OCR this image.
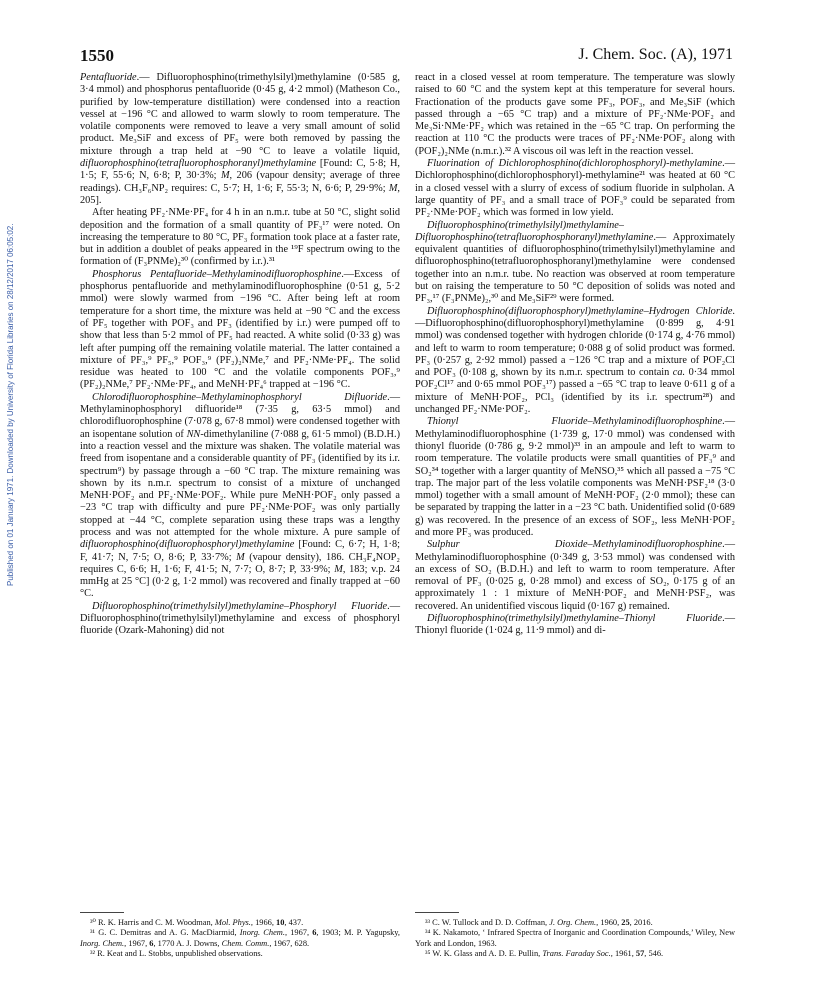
Published on 01 January 1971. Downloaded by University of Florida Libraries on 28/12/2017 06:05:02.
1550	J. Chem. Soc. (A), 1971

Pentafluoride.— Difluorophosphino(trimethylsilyl)methylamine (0·585 g, 3·4 mmol) and phosphorus pentafluoride (0·45 g, 4·2 mmol) (Matheson Co., purified by low-temperature distillation) were condensed into a reaction vessel at −196 °C and allowed to warm slowly to room temperature. The volatile components were removed to leave a very small amount of solid product. Me₃SiF and excess of PF₅ were both removed by passing the mixture through a trap held at −90 °C to leave a volatile liquid, difluorophosphino(tetrafluorophosphoranyl)methylamine [Found: C, 5·8; H, 1·5; F, 55·6; N, 6·8; P, 30·3%; M, 206 (vapour density; average of three readings). CH₃F₆NP₂ requires: C, 5·7; H, 1·6; F, 55·3; N, 6·6; P, 29·9%; M, 205].

After heating PF₂·NMe·PF₄ for 4 h in an n.m.r. tube at 50 °C, slight solid deposition and the formation of a small quantity of PF₃¹⁷ were noted. On increasing the temperature to 80 °C, PF₃ formation took place at a faster rate, but in addition a doublet of peaks appeared in the ¹⁹F spectrum owing to the formation of (F₃PNMe)₂³⁰ (confirmed by i.r.).³¹

Phosphorus Pentafluoride–Methylaminodifluorophosphine.—Excess of phosphorus pentafluoride and methylaminodifluorophosphine (0·51 g, 5·2 mmol) were slowly warmed from −196 °C. After being left at room temperature for a short time, the mixture was held at −90 °C and the excess of PF₅ together with POF₃ and PF₃ (identified by i.r.) were pumped off to show that less than 5·2 mmol of PF₅ had reacted. A white solid (0·33 g) was left after pumping off the remaining volatile material. The latter contained a mixture of PF₃,⁹ PF₅,⁹ POF₃,⁹ (PF₂)₂NMe,⁷ and PF₂·NMe·PF₄. The solid residue was heated to 100 °C and the volatile components POF₃,⁹ (PF₂)₂NMe,⁷ PF₂·NMe·PF₄, and MeNH·PF₄⁶ trapped at −196 °C.

Chlorodifluorophosphine–Methylaminophosphoryl Difluoride.—Methylaminophosphoryl difluoride¹⁸ (7·35 g, 63·5 mmol) and chlorodifluorophosphine (7·078 g, 67·8 mmol) were condensed together with an isopentane solution of NN-dimethylaniline (7·088 g, 61·5 mmol) (B.D.H.) into a reaction vessel and the mixture was shaken. The volatile material was freed from isopentane and a considerable quantity of PF₃ (identified by its i.r. spectrum⁹) by passage through a −60 °C trap. The mixture remaining was shown by its n.m.r. spectrum to consist of a mixture of unchanged MeNH·POF₂ and PF₂·NMe·POF₂. While pure MeNH·POF₂ only passed a −23 °C trap with difficulty and pure PF₂·NMe·POF₂ was only partially stopped at −44 °C, complete separation using these traps was a lengthy process and was not attempted for the whole mixture. A pure sample of difluorophosphino(difluorophosphoryl)methylamine [Found: C, 6·7; H, 1·8; F, 41·7; N, 7·5; O, 8·6; P, 33·7%; M (vapour density), 186. CH₃F₄NOP₂ requires C, 6·6; H, 1·6; F, 41·5; N, 7·7; O, 8·7; P, 33·9%; M, 183; v.p. 24 mmHg at 25 °C] (0·2 g, 1·2 mmol) was recovered and finally trapped at −60 °C.

Difluorophosphino(trimethylsilyl)methylamine–Phosphoryl Fluoride.— Difluorophosphino(trimethylsilyl)methylamine and excess of phosphoryl fluoride (Ozark-Mahoning) did not

react in a closed vessel at room temperature. The temperature was slowly raised to 60 °C and the system kept at this temperature for several hours. Fractionation of the products gave some PF₃, POF₃, and Me₃SiF (which passed through a −65 °C trap) and a mixture of PF₂·NMe·POF₂ and Me₃Si·NMe·PF₂ which was retained in the −65 °C trap. On performing the reaction at 110 °C the products were traces of PF₂·NMe·POF₂ along with (POF₂)₂NMe (n.m.r.).³² A viscous oil was left in the reaction vessel.

Fluorination of Dichlorophosphino(dichlorophosphoryl)-methylamine.— Dichlorophosphino(dichlorophosphoryl)-methylamine²¹ was heated at 60 °C in a closed vessel with a slurry of excess of sodium fluoride in sulpholan. A large quantity of PF₃ and a small trace of POF₃⁹ could be separated from PF₂·NMe·POF₂ which was formed in low yield.

Difluorophosphino(trimethylsilyl)methylamine–Difluorophosphino(tetrafluorophosphoranyl)methylamine.— Approximately equivalent quantities of difluorophosphino(trimethylsilyl)methylamine and difluorophosphino(tetrafluorophosphoranyl)methylamine were condensed together into an n.m.r. tube. No reaction was observed at room temperature but on raising the temperature to 50 °C deposition of solids was noted and PF₃,¹⁷ (F₃PNMe)₂,³⁰ and Me₃SiF²⁹ were formed.

Difluorophosphino(difluorophosphoryl)methylamine–Hydrogen Chloride.—Difluorophosphino(difluorophosphoryl)methylamine (0·899 g, 4·91 mmol) was condensed together with hydrogen chloride (0·174 g, 4·76 mmol) and left to warm to room temperature; 0·088 g of solid product was formed. PF₃ (0·257 g, 2·92 mmol) passed a −126 °C trap and a mixture of POF₂Cl and POF₃ (0·108 g, shown by its n.m.r. spectrum to contain ca. 0·34 mmol POF₂Cl¹⁷ and 0·65 mmol POF₃¹⁷) passed a −65 °C trap to leave 0·611 g of a mixture of MeNH·POF₂, PCl₃ (identified by its i.r. spectrum²⁸) and unchanged PF₂·NMe·POF₂.

Thionyl Fluoride–Methylaminodifluorophosphine.—Methylaminodifluorophosphine (1·739 g, 17·0 mmol) was condensed with thionyl fluoride (0·786 g, 9·2 mmol)³³ in an ampoule and left to warm to room temperature. The volatile products were small quantities of PF₃⁹ and SO₂³⁴ together with a larger quantity of MeNSO,³⁵ which all passed a −75 °C trap. The major part of the less volatile components was MeNH·PSF₂¹⁸ (3·0 mmol) together with a small amount of MeNH·POF₂ (2·0 mmol); these can be separated by trapping the latter in a −23 °C bath. Unidentified solid (0·689 g) was recovered. In the presence of an excess of SOF₂, less MeNH·POF₂ and more PF₃ was produced.

Sulphur Dioxide–Methylaminodifluorophosphine.—Methylaminodifluorophosphine (0·349 g, 3·53 mmol) was condensed with an excess of SO₂ (B.D.H.) and left to warm to room temperature. After removal of PF₃ (0·025 g, 0·28 mmol) and excess of SO₂, 0·175 g of an approximately 1 : 1 mixture of MeNH·POF₂ and MeNH·PSF₂, was recovered. An unidentified viscous liquid (0·167 g) remained.

Difluorophosphino(trimethylsilyl)methylamine–Thionyl Fluoride.—Thionyl fluoride (1·024 g, 11·9 mmol) and di-

³⁰ R. K. Harris and C. M. Woodman, Mol. Phys., 1966, 10, 437.

³¹ G. C. Demitras and A. G. MacDiarmid, Inorg. Chem., 1967, 6, 1903; M. P. Yagupsky, Inorg. Chem., 1967, 6, 1770 A. J. Downs, Chem. Comm., 1967, 628.

³² R. Keat and L. Stobbs, unpublished observations.

³³ C. W. Tullock and D. D. Coffman, J. Org. Chem., 1960, 25, 2016.

³⁴ K. Nakamoto, ‘ Infrared Spectra of Inorganic and Coordination Compounds,’ Wiley, New York and London, 1963.

³⁵ W. K. Glass and A. D. E. Pullin, Trans. Faraday Soc., 1961, 57, 546.
